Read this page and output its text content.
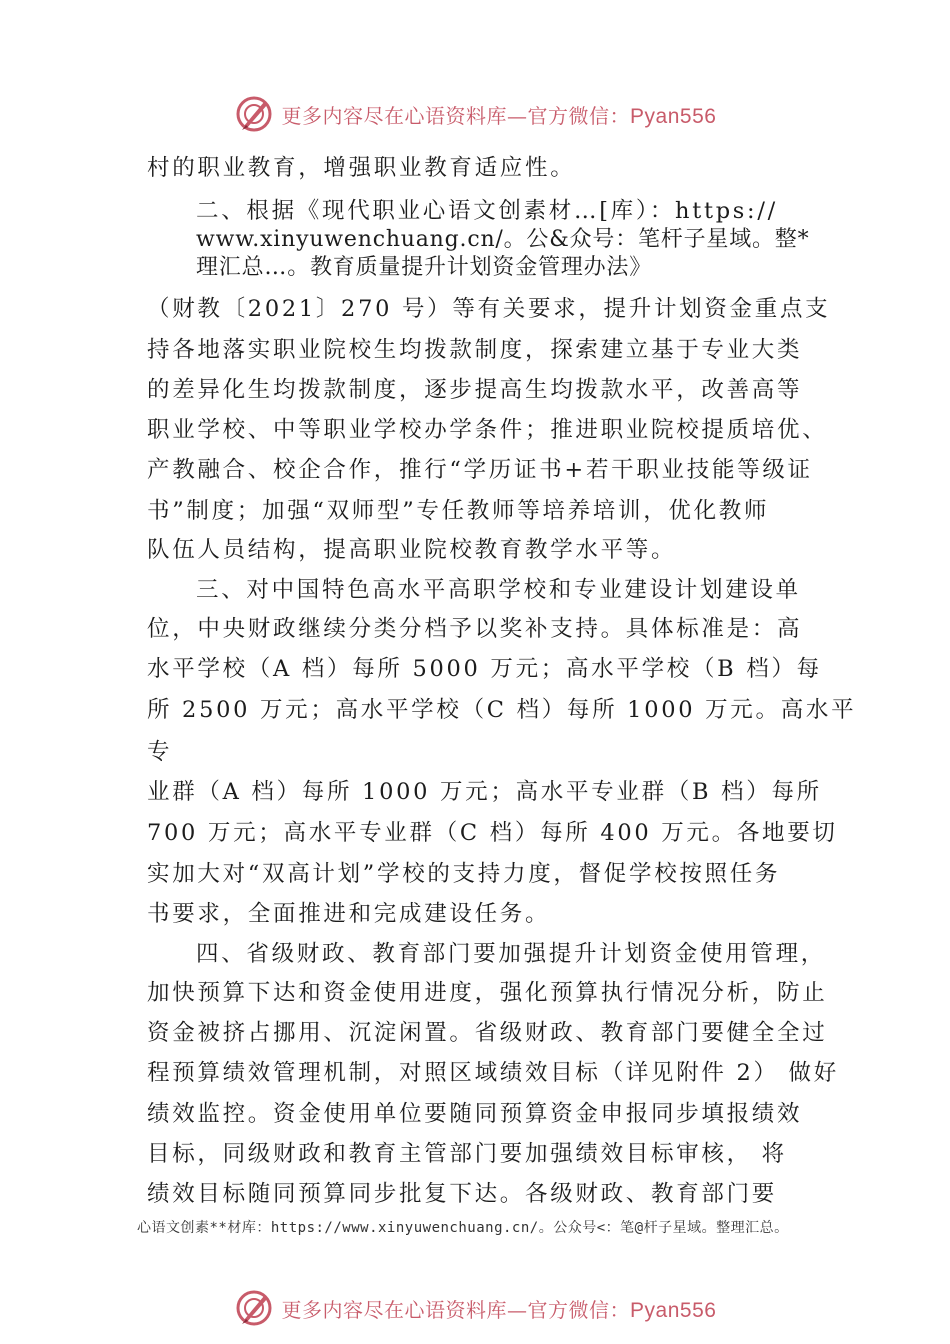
更多内容尽在心语资料库—官方微信：Pyan556
村的职业教育，增强职业教育适应性。
二、根据《现代职业心语文创素材…[库）：https://
www.xinyuwenchuang.cn/。公&众号：笔杆子星域。整*
理汇总…。教育质量提升计划资金管理办法》
（财教〔2021〕270 号）等有关要求，提升计划资金重点支
持各地落实职业院校生均拨款制度，探索建立基于专业大类
的差异化生均拨款制度，逐步提高生均拨款水平，改善高等
职业学校、中等职业学校办学条件；推进职业院校提质培优、
产教融合、校企合作，推行“学历证书+若干职业技能等级证
书”制度；加强“双师型”专任教师等培养培训，优化教师
队伍人员结构，提高职业院校教育教学水平等。
三、对中国特色高水平高职学校和专业建设计划建设单
位，中央财政继续分类分档予以奖补支持。具体标准是：高
水平学校（A 档）每所 5000 万元；高水平学校（B 档）每
所 2500 万元；高水平学校（C 档）每所 1000 万元。高水平
专
业群（A 档）每所 1000 万元；高水平专业群（B 档）每所
700 万元；高水平专业群（C 档）每所 400 万元。各地要切
实加大对“双高计划”学校的支持力度，督促学校按照任务
书要求，全面推进和完成建设任务。
四、省级财政、教育部门要加强提升计划资金使用管理，
加快预算下达和资金使用进度，强化预算执行情况分析，防止
资金被挤占挪用、沉淀闲置。省级财政、教育部门要健全全过
程预算绩效管理机制，对照区域绩效目标（详见附件 2） 做好
绩效监控。资金使用单位要随同预算资金申报同步填报绩效
目标，同级财政和教育主管部门要加强绩效目标审核， 将
绩效目标随同预算同步批复下达。各级财政、教育部门要
心语文创素**材库：https://www.xinyuwenchuang.cn/。公众号<：笔@杆子星域。整理汇总。
更多内容尽在心语资料库—官方微信：Pyan556
